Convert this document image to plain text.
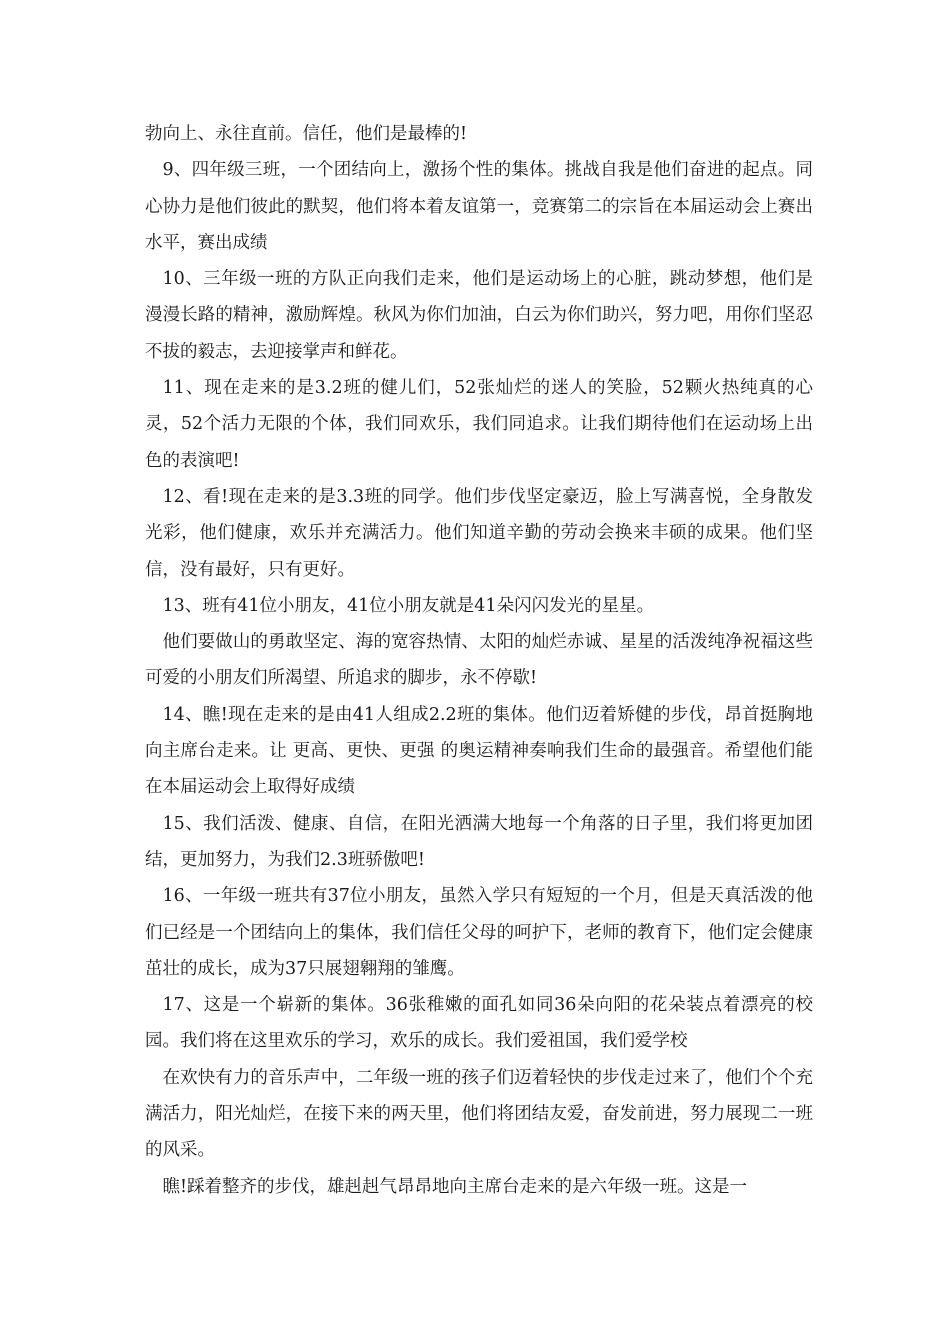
勃向上、永往直前。信任，他们是最棒的!

9、四年级三班，一个团结向上，激扬个性的集体。挑战自我是他们奋进的起点。同心协力是他们彼此的默契，他们将本着友谊第一，竞赛第二的宗旨在本届运动会上赛出水平，赛出成绩

10、三年级一班的方队正向我们走来，他们是运动场上的心脏，跳动梦想，他们是漫漫长路的精神，激励辉煌。秋风为你们加油，白云为你们助兴，努力吧，用你们坚忍不拔的毅志，去迎接掌声和鲜花。

11、现在走来的是3.2班的健儿们，52张灿烂的迷人的笑脸，52颗火热纯真的心灵，52个活力无限的个体，我们同欢乐，我们同追求。让我们期待他们在运动场上出色的表演吧!

12、看!现在走来的是3.3班的同学。他们步伐坚定豪迈，脸上写满喜悦，全身散发光彩，他们健康，欢乐并充满活力。他们知道辛勤的劳动会换来丰硕的成果。他们坚信，没有最好，只有更好。

13、班有41位小朋友，41位小朋友就是41朵闪闪发光的星星。

他们要做山的勇敢坚定、海的宽容热情、太阳的灿烂赤诚、星星的活泼纯净祝福这些可爱的小朋友们所渴望、所追求的脚步，永不停歇!

14、瞧!现在走来的是由41人组成2.2班的集体。他们迈着矫健的步伐，昂首挺胸地向主席台走来。让 更高、更快、更强 的奥运精神奏响我们生命的最强音。希望他们能在本届运动会上取得好成绩

15、我们活泼、健康、自信，在阳光洒满大地每一个角落的日子里，我们将更加团结，更加努力，为我们2.3班骄傲吧!

16、一年级一班共有37位小朋友，虽然入学只有短短的一个月，但是天真活泼的他们已经是一个团结向上的集体，我们信任父母的呵护下，老师的教育下，他们定会健康茁壮的成长，成为37只展翅翱翔的雏鹰。

17、这是一个崭新的集体。36张稚嫩的面孔如同36朵向阳的花朵装点着漂亮的校园。我们将在这里欢乐的学习，欢乐的成长。我们爱祖国，我们爱学校

在欢快有力的音乐声中，二年级一班的孩子们迈着轻快的步伐走过来了，他们个个充满活力，阳光灿烂，在接下来的两天里，他们将团结友爱，奋发前进，努力展现二一班的风采。

瞧!踩着整齐的步伐，雄赳赳气昂昂地向主席台走来的是六年级一班。这是一
